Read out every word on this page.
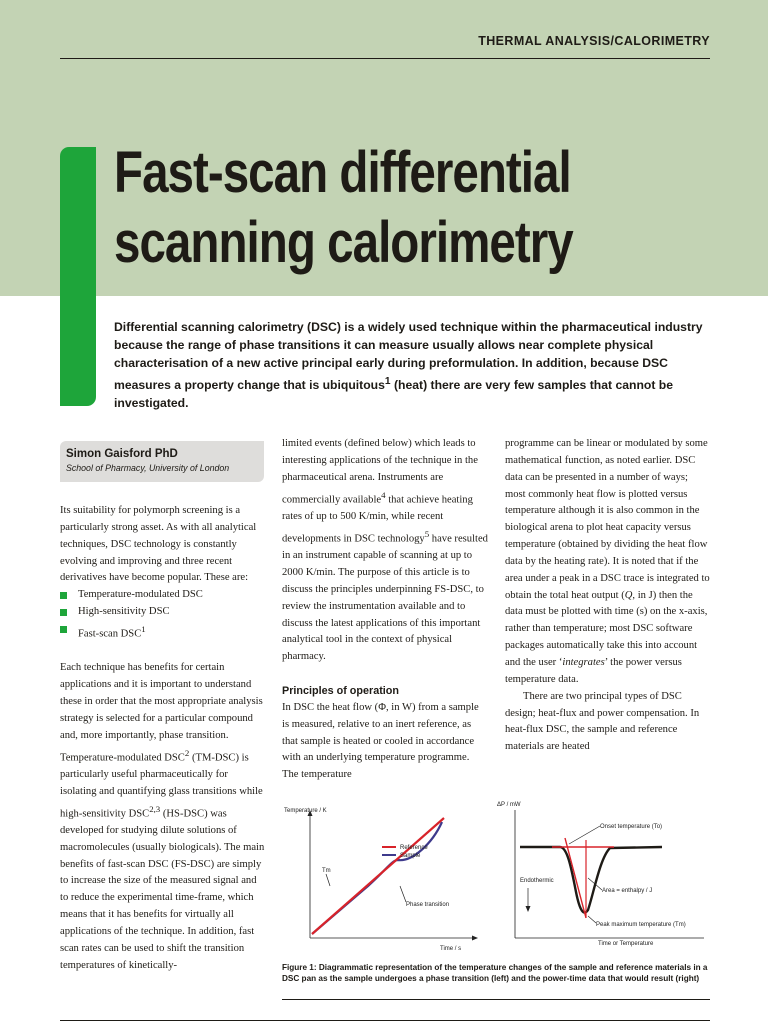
THERMAL ANALYSIS/CALORIMETRY
Fast-scan differential
scanning calorimetry

Differential scanning calorimetry (DSC) is a widely used technique within the pharmaceutical industry because the range of phase transitions it can measure usually allows near complete physical characterisation of a new active principal early during preformulation. In addition, because DSC measures a property change that is ubiquitous$^1$ (heat) there are very few samples that cannot be investigated.

Simon Gaisford PhD
School of Pharmacy, University of London

Its suitability for polymorph screening is a particularly strong asset. As with all analytical techniques, DSC technology is constantly evolving and improving and three recent derivatives have become popular. These are:

Temperature-modulated DSC
High-sensitivity DSC
Fast-scan DSC$^1$

Each technique has benefits for certain applications and it is important to understand these in order that the most appropriate analysis strategy is selected for a particular compound and, more importantly, phase transition. Temperature-modulated DSC$^2$ (TM-DSC) is particularly useful pharmaceutically for isolating and quantifying glass transitions while high-sensitivity DSC$^{2,3}$ (HS-DSC) was developed for studying dilute solutions of macromolecules (usually biologicals). The main benefits of fast-scan DSC (FS-DSC) are simply to increase the size of the measured signal and to reduce the experimental time-frame, which means that it has benefits for virtually all applications of the technique. In addition, fast scan rates can be used to shift the transition temperatures of kinetically-

limited events (defined below) which leads to interesting applications of the technique in the pharmaceutical arena. Instruments are commercially available$^4$ that achieve heating rates of up to 500 K/min, while recent developments in DSC technology$^5$ have resulted in an instrument capable of scanning at up to 2000 K/min. The purpose of this article is to discuss the principles underpinning FS-DSC, to review the instrumentation available and to discuss the latest applications of this important analytical tool in the context of physical pharmacy.

Principles of operation

In DSC the heat flow (Φ, in W) from a sample is measured, relative to an inert reference, as that sample is heated or cooled in accordance with an underlying temperature programme. The temperature

programme can be linear or modulated by some mathematical function, as noted earlier. DSC data can be presented in a number of ways; most commonly heat flow is plotted versus temperature although it is also common in the biological arena to plot heat capacity versus temperature (obtained by dividing the heat flow data by the heating rate). It is noted that if the area under a peak in a DSC trace is integrated to obtain the total heat output (Q, in J) then the data must be plotted with time (s) on the x-axis, rather than temperature; most DSC software packages automatically take this into account and the user ‘integrates’ the power versus temperature data.

There are two principal types of DSC design; heat-flux and power compensation. In heat-flux DSC, the sample and reference materials are heated

Temperature / K
Time / s
Reference
Sample
Tm
Phase transition
ΔP / mW
Time or Temperature
Onset temperature (To)
Endothermic
Area = enthalpy / J
Peak maximum temperature (Tm)

Figure 1: Diagrammatic representation of the temperature changes of the sample and reference materials in a DSC pan as the sample undergoes a phase transition (left) and the power-time data that would result (right)
